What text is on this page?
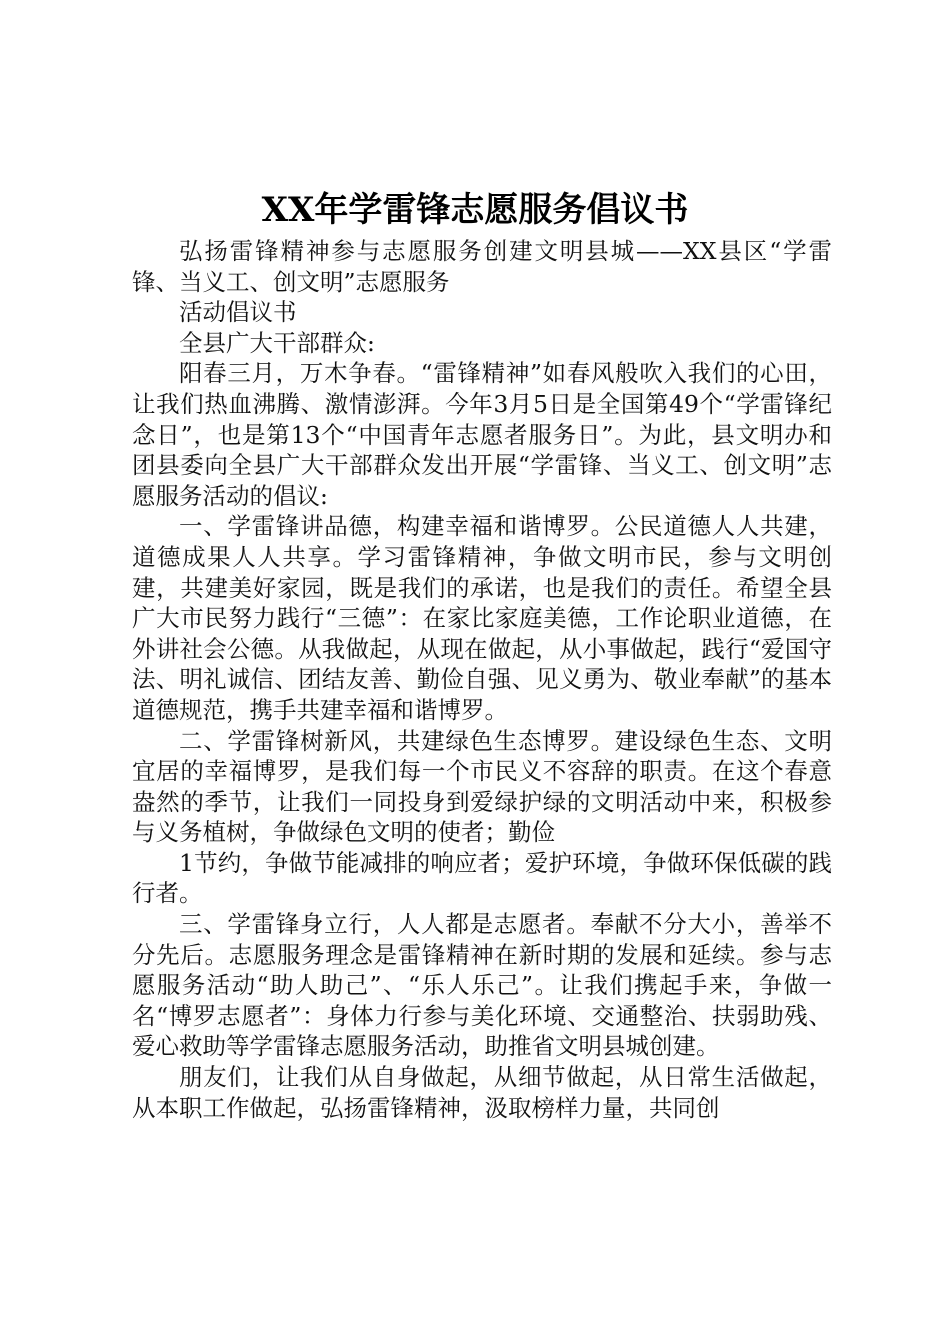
XX年学雷锋志愿服务倡议书

弘扬雷锋精神参与志愿服务创建文明县城——XX县区“学雷锋、当义工、创文明”志愿服务

活动倡议书

全县广大干部群众:

阳春三月，万木争春。“雷锋精神”如春风般吹入我们的心田，让我们热血沸腾、激情澎湃。今年3月5日是全国第49个“学雷锋纪念日”，也是第13个“中国青年志愿者服务日”。为此，县文明办和团县委向全县广大干部群众发出开展“学雷锋、当义工、创文明”志愿服务活动的倡议:

一、学雷锋讲品德，构建幸福和谐博罗。公民道德人人共建，道德成果人人共享。学习雷锋精神，争做文明市民，参与文明创建，共建美好家园，既是我们的承诺，也是我们的责任。希望全县广大市民努力践行“三德”：在家比家庭美德，工作论职业道德，在外讲社会公德。从我做起，从现在做起，从小事做起，践行“爱国守法、明礼诚信、团结友善、勤俭自强、见义勇为、敬业奉献”的基本道德规范，携手共建幸福和谐博罗。

二、学雷锋树新风，共建绿色生态博罗。建设绿色生态、文明宜居的幸福博罗，是我们每一个市民义不容辞的职责。在这个春意盎然的季节，让我们一同投身到爱绿护绿的文明活动中来，积极参与义务植树，争做绿色文明的使者；勤俭

1节约，争做节能减排的响应者；爱护环境，争做环保低碳的践行者。

三、学雷锋身立行，人人都是志愿者。奉献不分大小，善举不分先后。志愿服务理念是雷锋精神在新时期的发展和延续。参与志愿服务活动“助人助己”、“乐人乐己”。让我们携起手来，争做一名“博罗志愿者”：身体力行参与美化环境、交通整治、扶弱助残、爱心救助等学雷锋志愿服务活动，助推省文明县城创建。

朋友们，让我们从自身做起，从细节做起，从日常生活做起，从本职工作做起，弘扬雷锋精神，汲取榜样力量，共同创
